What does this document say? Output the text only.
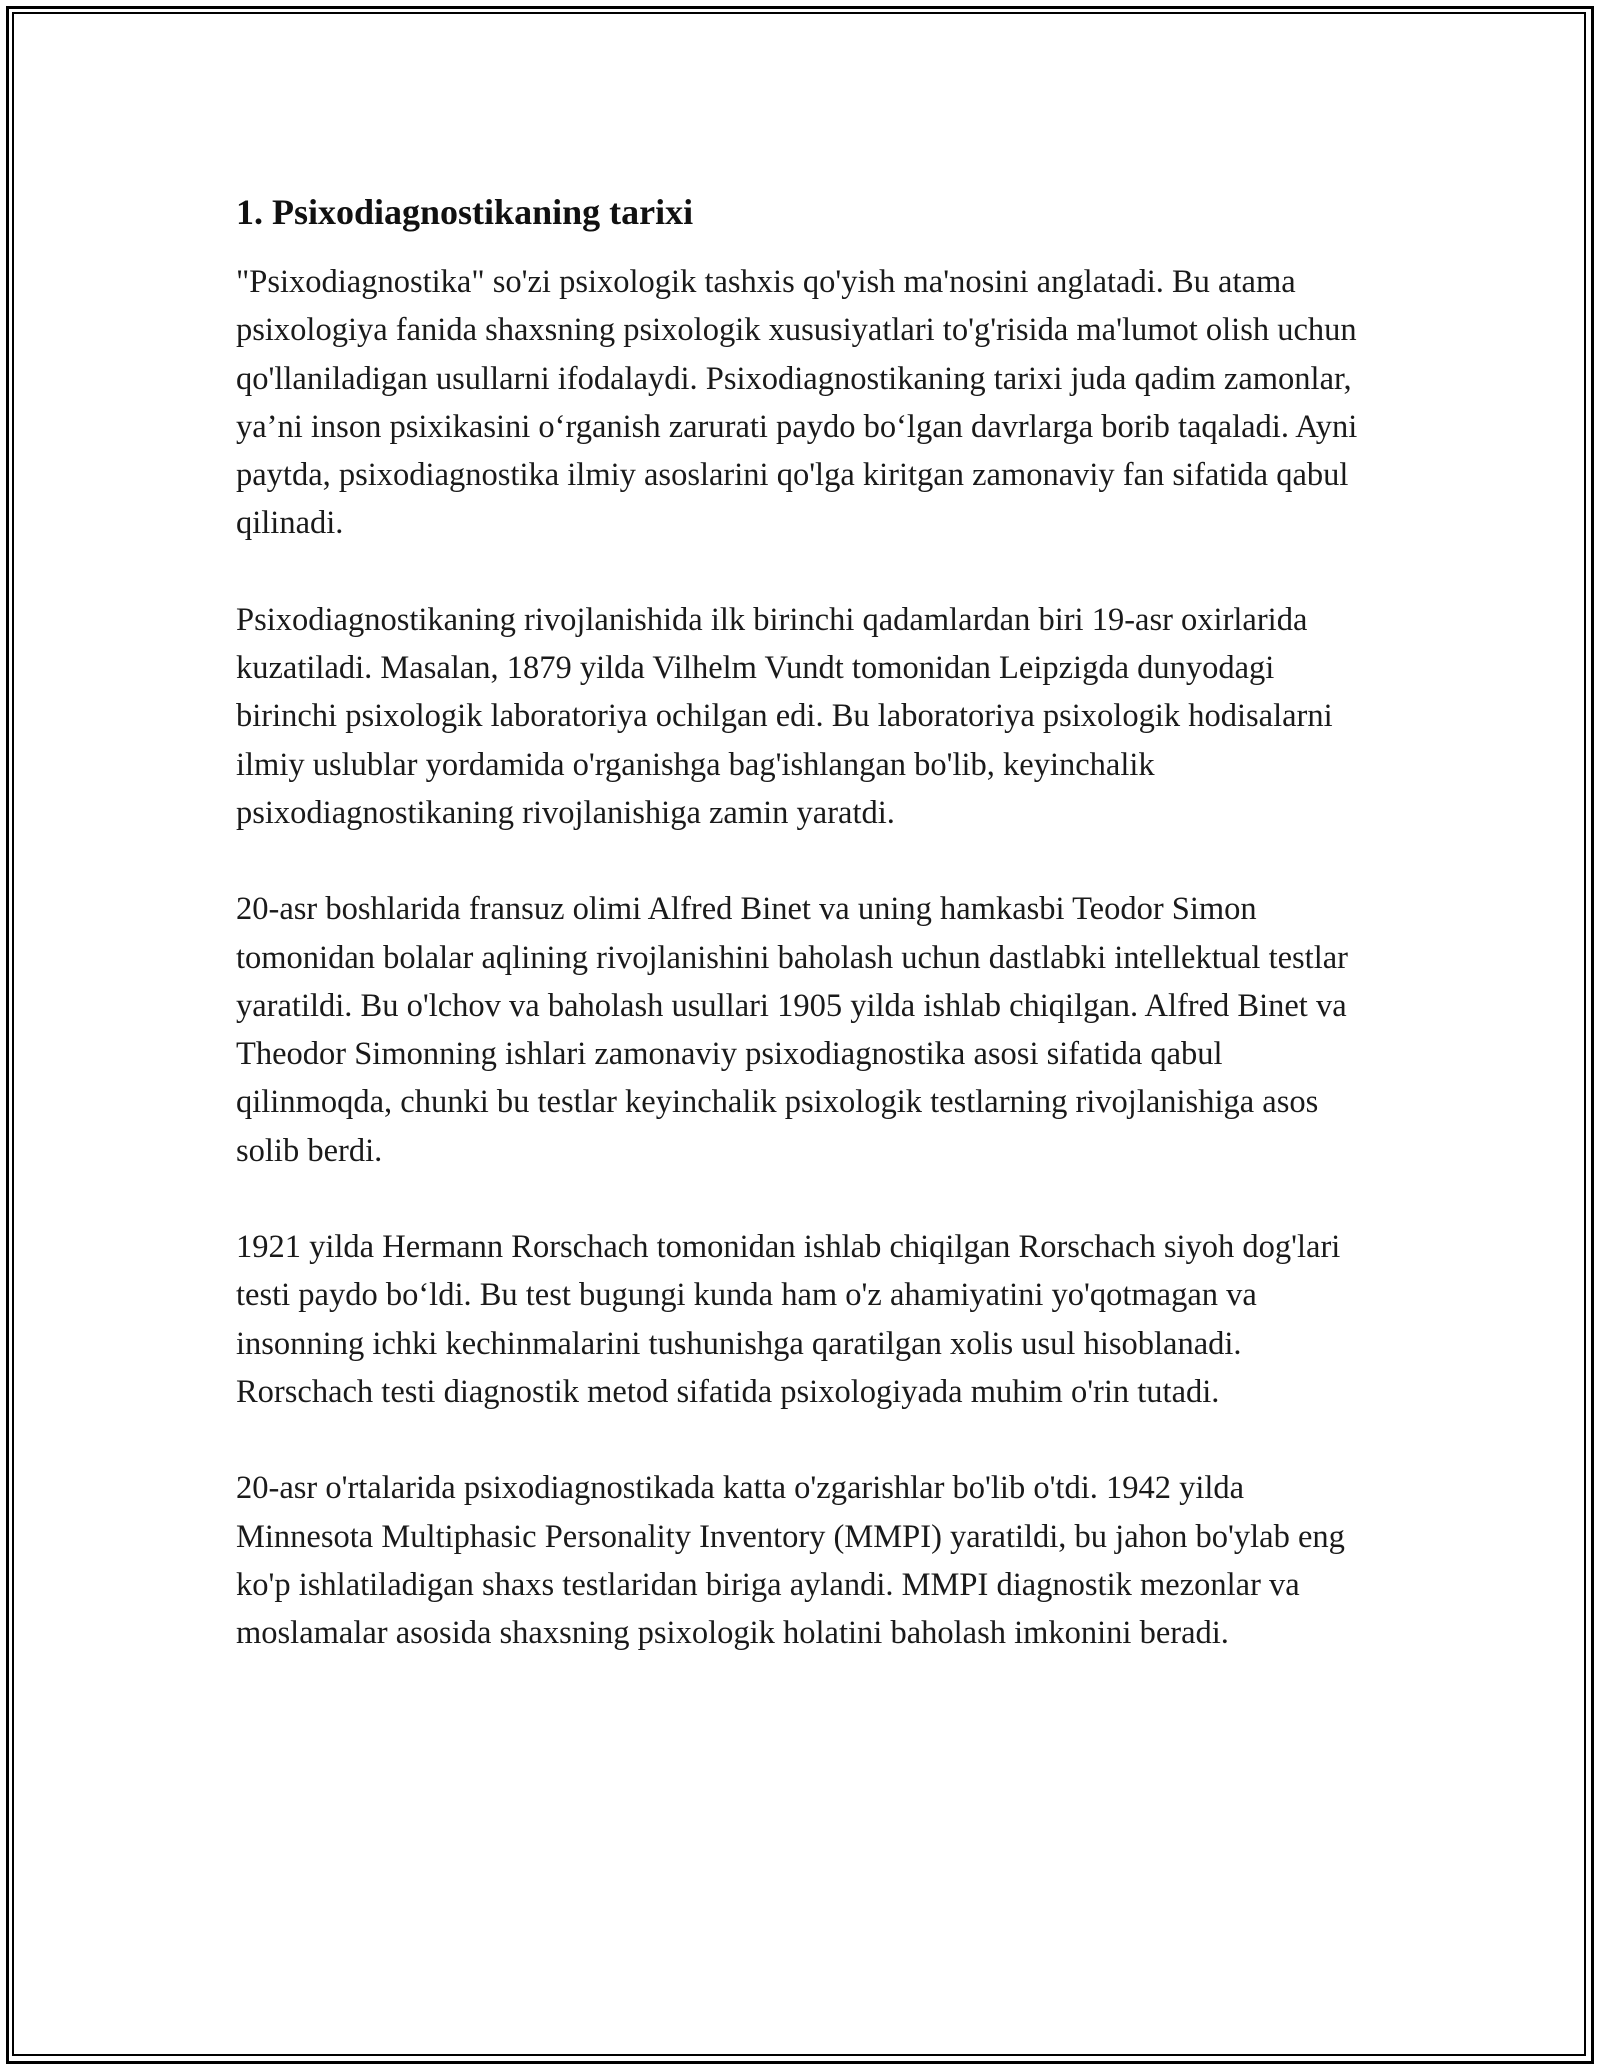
1. Psixodiagnostikaning tarixi

"Psixodiagnostika" so'zi psixologik tashxis qo'yish ma'nosini anglatadi. Bu atama psixologiya fanida shaxsning psixologik xususiyatlari to'g'risida ma'lumot olish uchun qo'llaniladigan usullarni ifodalaydi. Psixodiagnostikaning tarixi juda qadim zamonlar, ya’ni inson psixikasini o‘rganish zarurati paydo bo‘lgan davrlarga borib taqaladi. Ayni paytda, psixodiagnostika ilmiy asoslarini qo'lga kiritgan zamonaviy fan sifatida qabul qilinadi.

Psixodiagnostikaning rivojlanishida ilk birinchi qadamlardan biri 19-asr oxirlarida kuzatiladi. Masalan, 1879 yilda Vilhelm Vundt tomonidan Leipzigda dunyodagi birinchi psixologik laboratoriya ochilgan edi. Bu laboratoriya psixologik hodisalarni ilmiy uslublar yordamida o'rganishga bag'ishlangan bo'lib, keyinchalik psixodiagnostikaning rivojlanishiga zamin yaratdi.

20-asr boshlarida fransuz olimi Alfred Binet va uning hamkasbi Teodor Simon tomonidan bolalar aqlining rivojlanishini baholash uchun dastlabki intellektual testlar yaratildi. Bu o'lchov va baholash usullari 1905 yilda ishlab chiqilgan. Alfred Binet va Theodor Simonning ishlari zamonaviy psixodiagnostika asosi sifatida qabul qilinmoqda, chunki bu testlar keyinchalik psixologik testlarning rivojlanishiga asos solib berdi.

1921 yilda Hermann Rorschach tomonidan ishlab chiqilgan Rorschach siyoh dog'lari testi paydo bo‘ldi. Bu test bugungi kunda ham o'z ahamiyatini yo'qotmagan va insonning ichki kechinmalarini tushunishga qaratilgan xolis usul hisoblanadi. Rorschach testi diagnostik metod sifatida psixologiyada muhim o'rin tutadi.

20-asr o'rtalarida psixodiagnostikada katta o'zgarishlar bo'lib o'tdi. 1942 yilda Minnesota Multiphasic Personality Inventory (MMPI) yaratildi, bu jahon bo'ylab eng ko'p ishlatiladigan shaxs testlaridan biriga aylandi. MMPI diagnostik mezonlar va moslamalar asosida shaxsning psixologik holatini baholash imkonini beradi.
